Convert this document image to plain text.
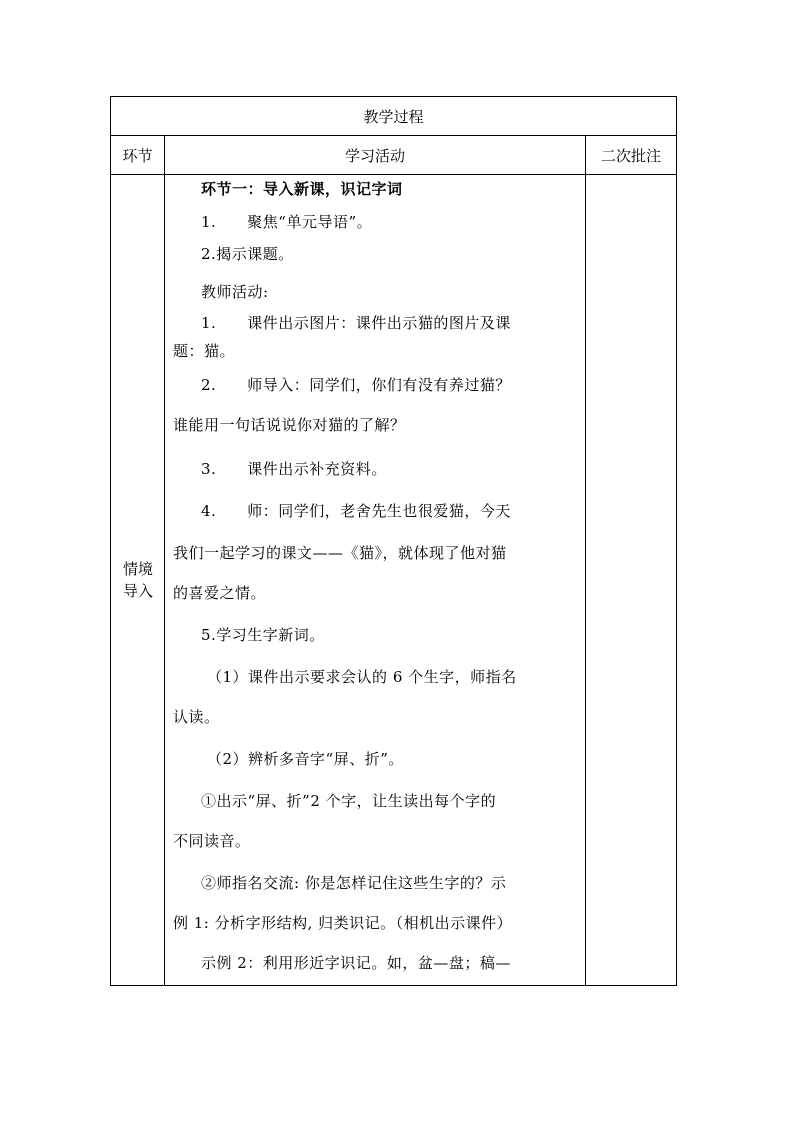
教学过程
环节	学习活动	二次批注
情境
导入
环节一：导入新课，识记字词
1.　　聚焦“单元导语”。
2.揭示课题。
教师活动:
1.　　课件出示图片：课件出示猫的图片及课
题：猫。
2.　　师导入：同学们，你们有没有养过猫？
谁能用一句话说说你对猫的了解？
3.　　课件出示补充资料。
4.　　师：同学们，老舍先生也很爱猫，今天
我们一起学习的课文——《猫》，就体现了他对猫
的喜爱之情。
5.学习生字新词。
（1）课件出示要求会认的 6 个生字，师指名
认读。
（2）辨析多音字“屏、折”。
①出示“屏、折”2 个字，让生读出每个字的
不同读音。
②师指名交流: 你是怎样记住这些生字的？示
例 1: 分析字形结构, 归类识记。（相机出示课件）
示例 2：利用形近字识记。如，盆—盘；稿—
